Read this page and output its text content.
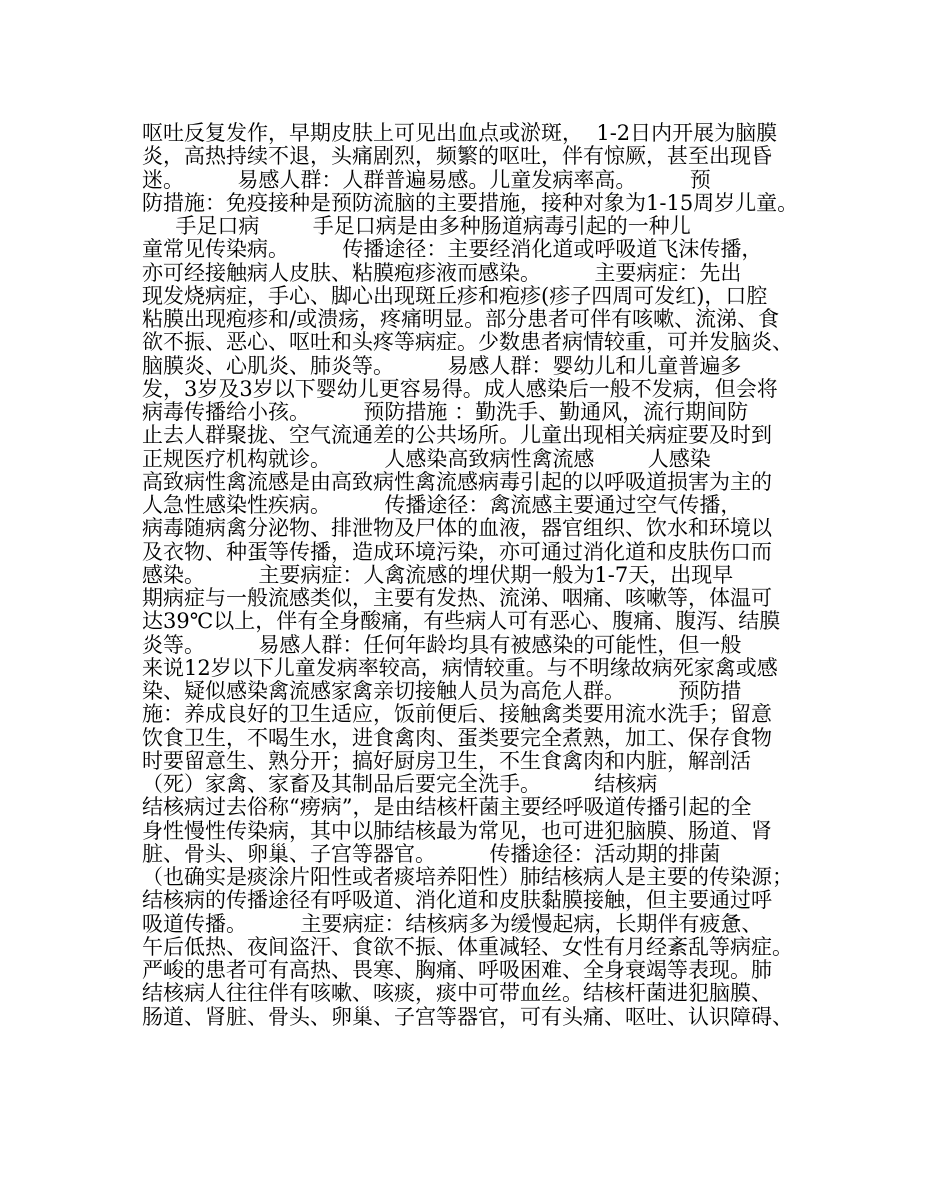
呕吐反复发作，早期皮肤上可见出血点或淤斑，  1-2日内开展为脑膜
炎，高热持续不退，头痛剧烈，频繁的呕吐，伴有惊厥，甚至出现昏
迷。        易感人群：人群普遍易感。儿童发病率高。        预
防措施：免疫接种是预防流脑的主要措施，接种对象为1-15周岁儿童。
手足口病        手足口病是由多种肠道病毒引起的一种儿
童常见传染病。        传播途径：主要经消化道或呼吸道飞沫传播，
亦可经接触病人皮肤、粘膜疱疹液而感染。        主要病症：先出
现发烧病症，手心、脚心出现斑丘疹和疱疹(疹子四周可发红)，口腔
粘膜出现疱疹和/或溃疡，疼痛明显。部分患者可伴有咳嗽、流涕、食
欲不振、恶心、呕吐和头疼等病症。少数患者病情较重，可并发脑炎、
脑膜炎、心肌炎、肺炎等。        易感人群：婴幼儿和儿童普遍多
发，3岁及3岁以下婴幼儿更容易得。成人感染后一般不发病，但会将
病毒传播给小孩。        预防措施 ：勤洗手、勤通风，流行期间防
止去人群聚拢、空气流通差的公共场所。儿童出现相关病症要及时到
正规医疗机构就诊。        人感染高致病性禽流感        人感染
高致病性禽流感是由高致病性禽流感病毒引起的以呼吸道损害为主的
人急性感染性疾病。        传播途径：禽流感主要通过空气传播，
病毒随病禽分泌物、排泄物及尸体的血液，器官组织、饮水和环境以
及衣物、种蛋等传播，造成环境污染，亦可通过消化道和皮肤伤口而
感染。        主要病症：人禽流感的埋伏期一般为1-7天，出现早
期病症与一般流感类似，主要有发热、流涕、咽痛、咳嗽等，体温可
达39℃以上，伴有全身酸痛，有些病人可有恶心、腹痛、腹泻、结膜
炎等。        易感人群：任何年龄均具有被感染的可能性，但一般
来说12岁以下儿童发病率较高，病情较重。与不明缘故病死家禽或感
染、疑似感染禽流感家禽亲切接触人员为高危人群。        预防措
施：养成良好的卫生适应，饭前便后、接触禽类要用流水洗手；留意
饮食卫生，不喝生水，进食禽肉、蛋类要完全煮熟，加工、保存食物
时要留意生、熟分开；搞好厨房卫生，不生食禽肉和内脏，解剖活
（死）家禽、家畜及其制品后要完全洗手。        结核病
结核病过去俗称“痨病”，是由结核杆菌主要经呼吸道传播引起的全
身性慢性传染病，其中以肺结核最为常见，也可进犯脑膜、肠道、肾
脏、骨头、卵巢、子宫等器官。        传播途径：活动期的排菌
（也确实是痰涂片阳性或者痰培养阳性）肺结核病人是主要的传染源；
结核病的传播途径有呼吸道、消化道和皮肤黏膜接触，但主要通过呼
吸道传播。        主要病症：结核病多为缓慢起病，长期伴有疲惫、
午后低热、夜间盗汗、食欲不振、体重减轻、女性有月经紊乱等病症。
严峻的患者可有高热、畏寒、胸痛、呼吸困难、全身衰竭等表现。肺
结核病人往往伴有咳嗽、咳痰，痰中可带血丝。结核杆菌进犯脑膜、
肠道、肾脏、骨头、卵巢、子宫等器官，可有头痛、呕吐、认识障碍、
